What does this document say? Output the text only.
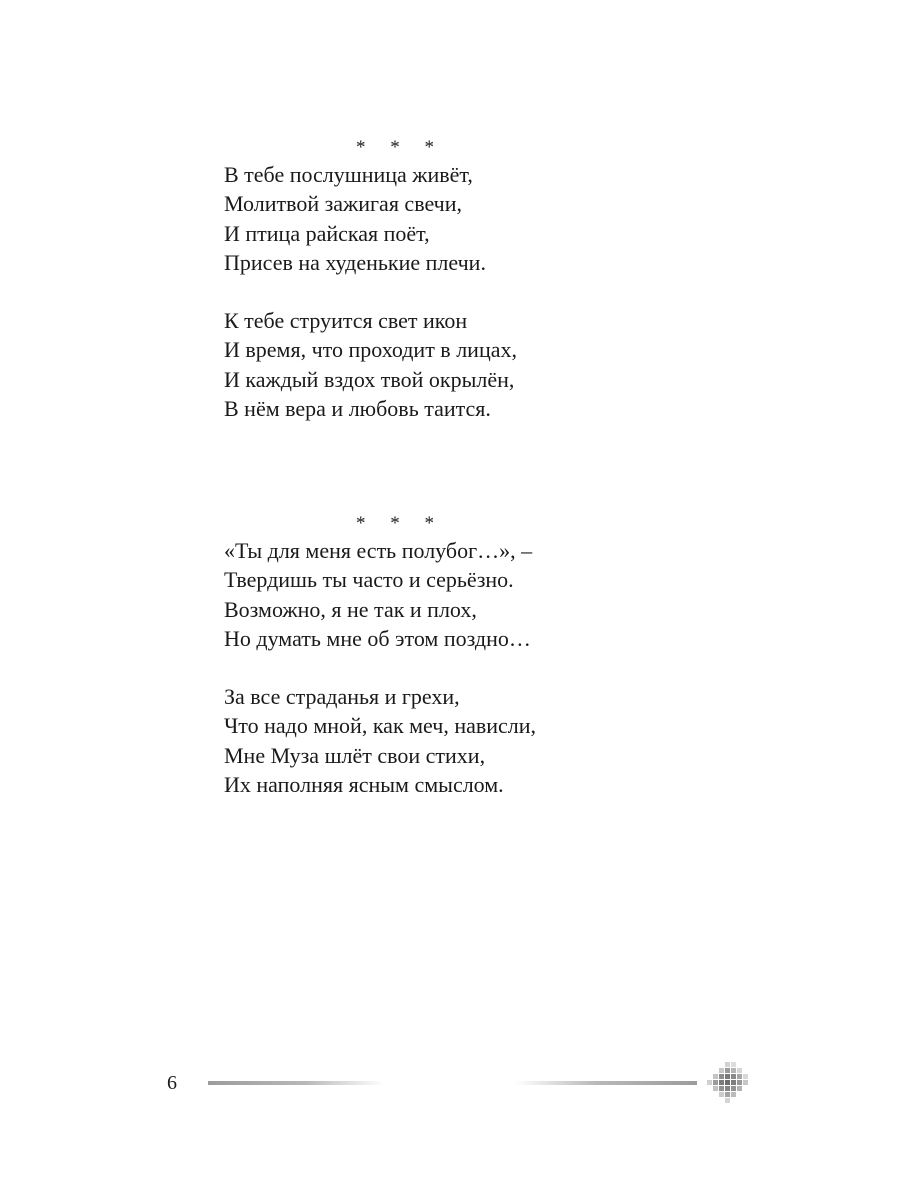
* * *
В тебе послушница живёт,
Молитвой зажигая свечи,
И птица райская поёт,
Присев на худенькие плечи.
К тебе струится свет икон
И время, что проходит в лицах,
И каждый вздох твой окрылён,
В нём вера и любовь таится.
* * *
«Ты для меня есть полубог…», –
Твердишь ты часто и серьёзно.
Возможно, я не так и плох,
Но думать мне об этом поздно…
За все страданья и грехи,
Что надо мной, как меч, нависли,
Мне Муза шлёт свои стихи,
Их наполняя ясным смыслом.
6
